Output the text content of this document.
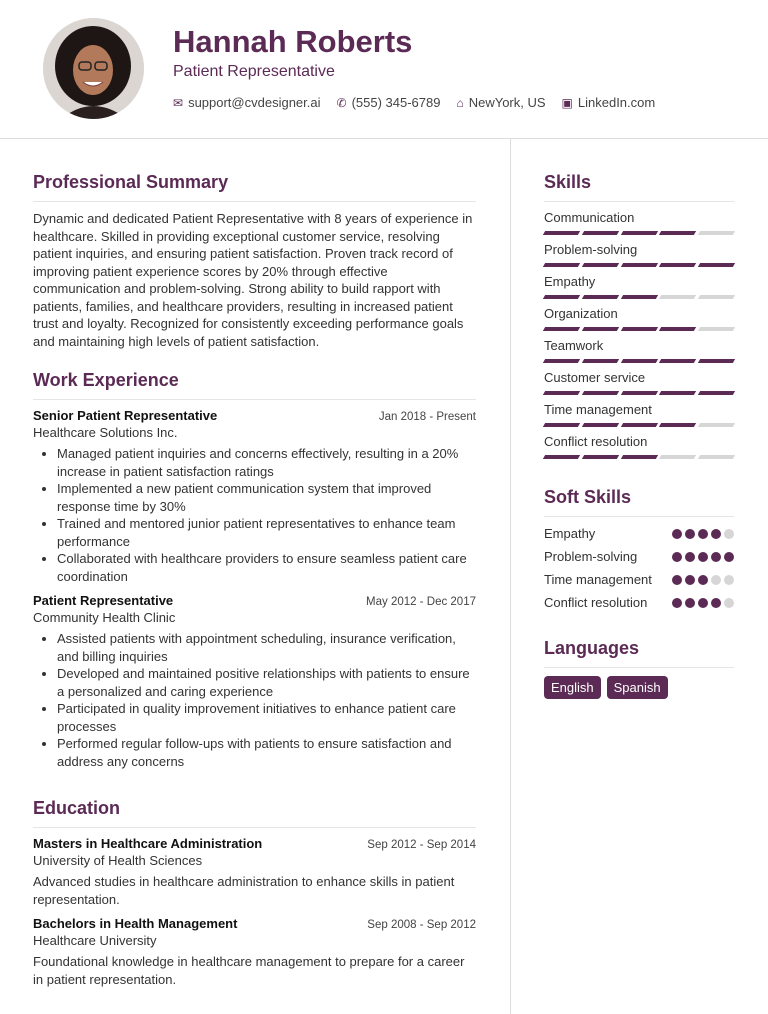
Hannah Roberts
Patient Representative
✉ support@cvdesigner.ai ✆ (555) 345-6789 ⌂ NewYork, US ▣ LinkedIn.com
Professional Summary

Dynamic and dedicated Patient Representative with 8 years of experience in healthcare. Skilled in providing exceptional customer service, resolving patient inquiries, and ensuring patient satisfaction. Proven track record of improving patient experience scores by 20% through effective communication and problem-solving. Strong ability to build rapport with patients, families, and healthcare providers, resulting in increased patient trust and loyalty. Recognized for consistently exceeding performance goals and maintaining high levels of patient satisfaction.

Work Experience
Senior Patient Representative	Jan 2018 - Present
Healthcare Solutions Inc.
• Managed patient inquiries and concerns effectively, resulting in a 20% increase in patient satisfaction ratings
• Implemented a new patient communication system that improved response time by 30%
• Trained and mentored junior patient representatives to enhance team performance
• Collaborated with healthcare providers to ensure seamless patient care coordination
Patient Representative	May 2012 - Dec 2017
Community Health Clinic
• Assisted patients with appointment scheduling, insurance verification, and billing inquiries
• Developed and maintained positive relationships with patients to ensure a personalized and caring experience
• Participated in quality improvement initiatives to enhance patient care processes
• Performed regular follow-ups with patients to ensure satisfaction and address any concerns
Education
Masters in Healthcare Administration	Sep 2012 - Sep 2014
University of Health Sciences

Advanced studies in healthcare administration to enhance skills in patient representation.

Bachelors in Health Management	Sep 2008 - Sep 2012
Healthcare University

Foundational knowledge in healthcare management to prepare for a career in patient representation.

Skills
Communication
Problem-solving
Empathy
Organization
Teamwork
Customer service
Time management
Conflict resolution
Soft Skills
Empathy
Problem-solving
Time management
Conflict resolution
Languages
English	Spanish
